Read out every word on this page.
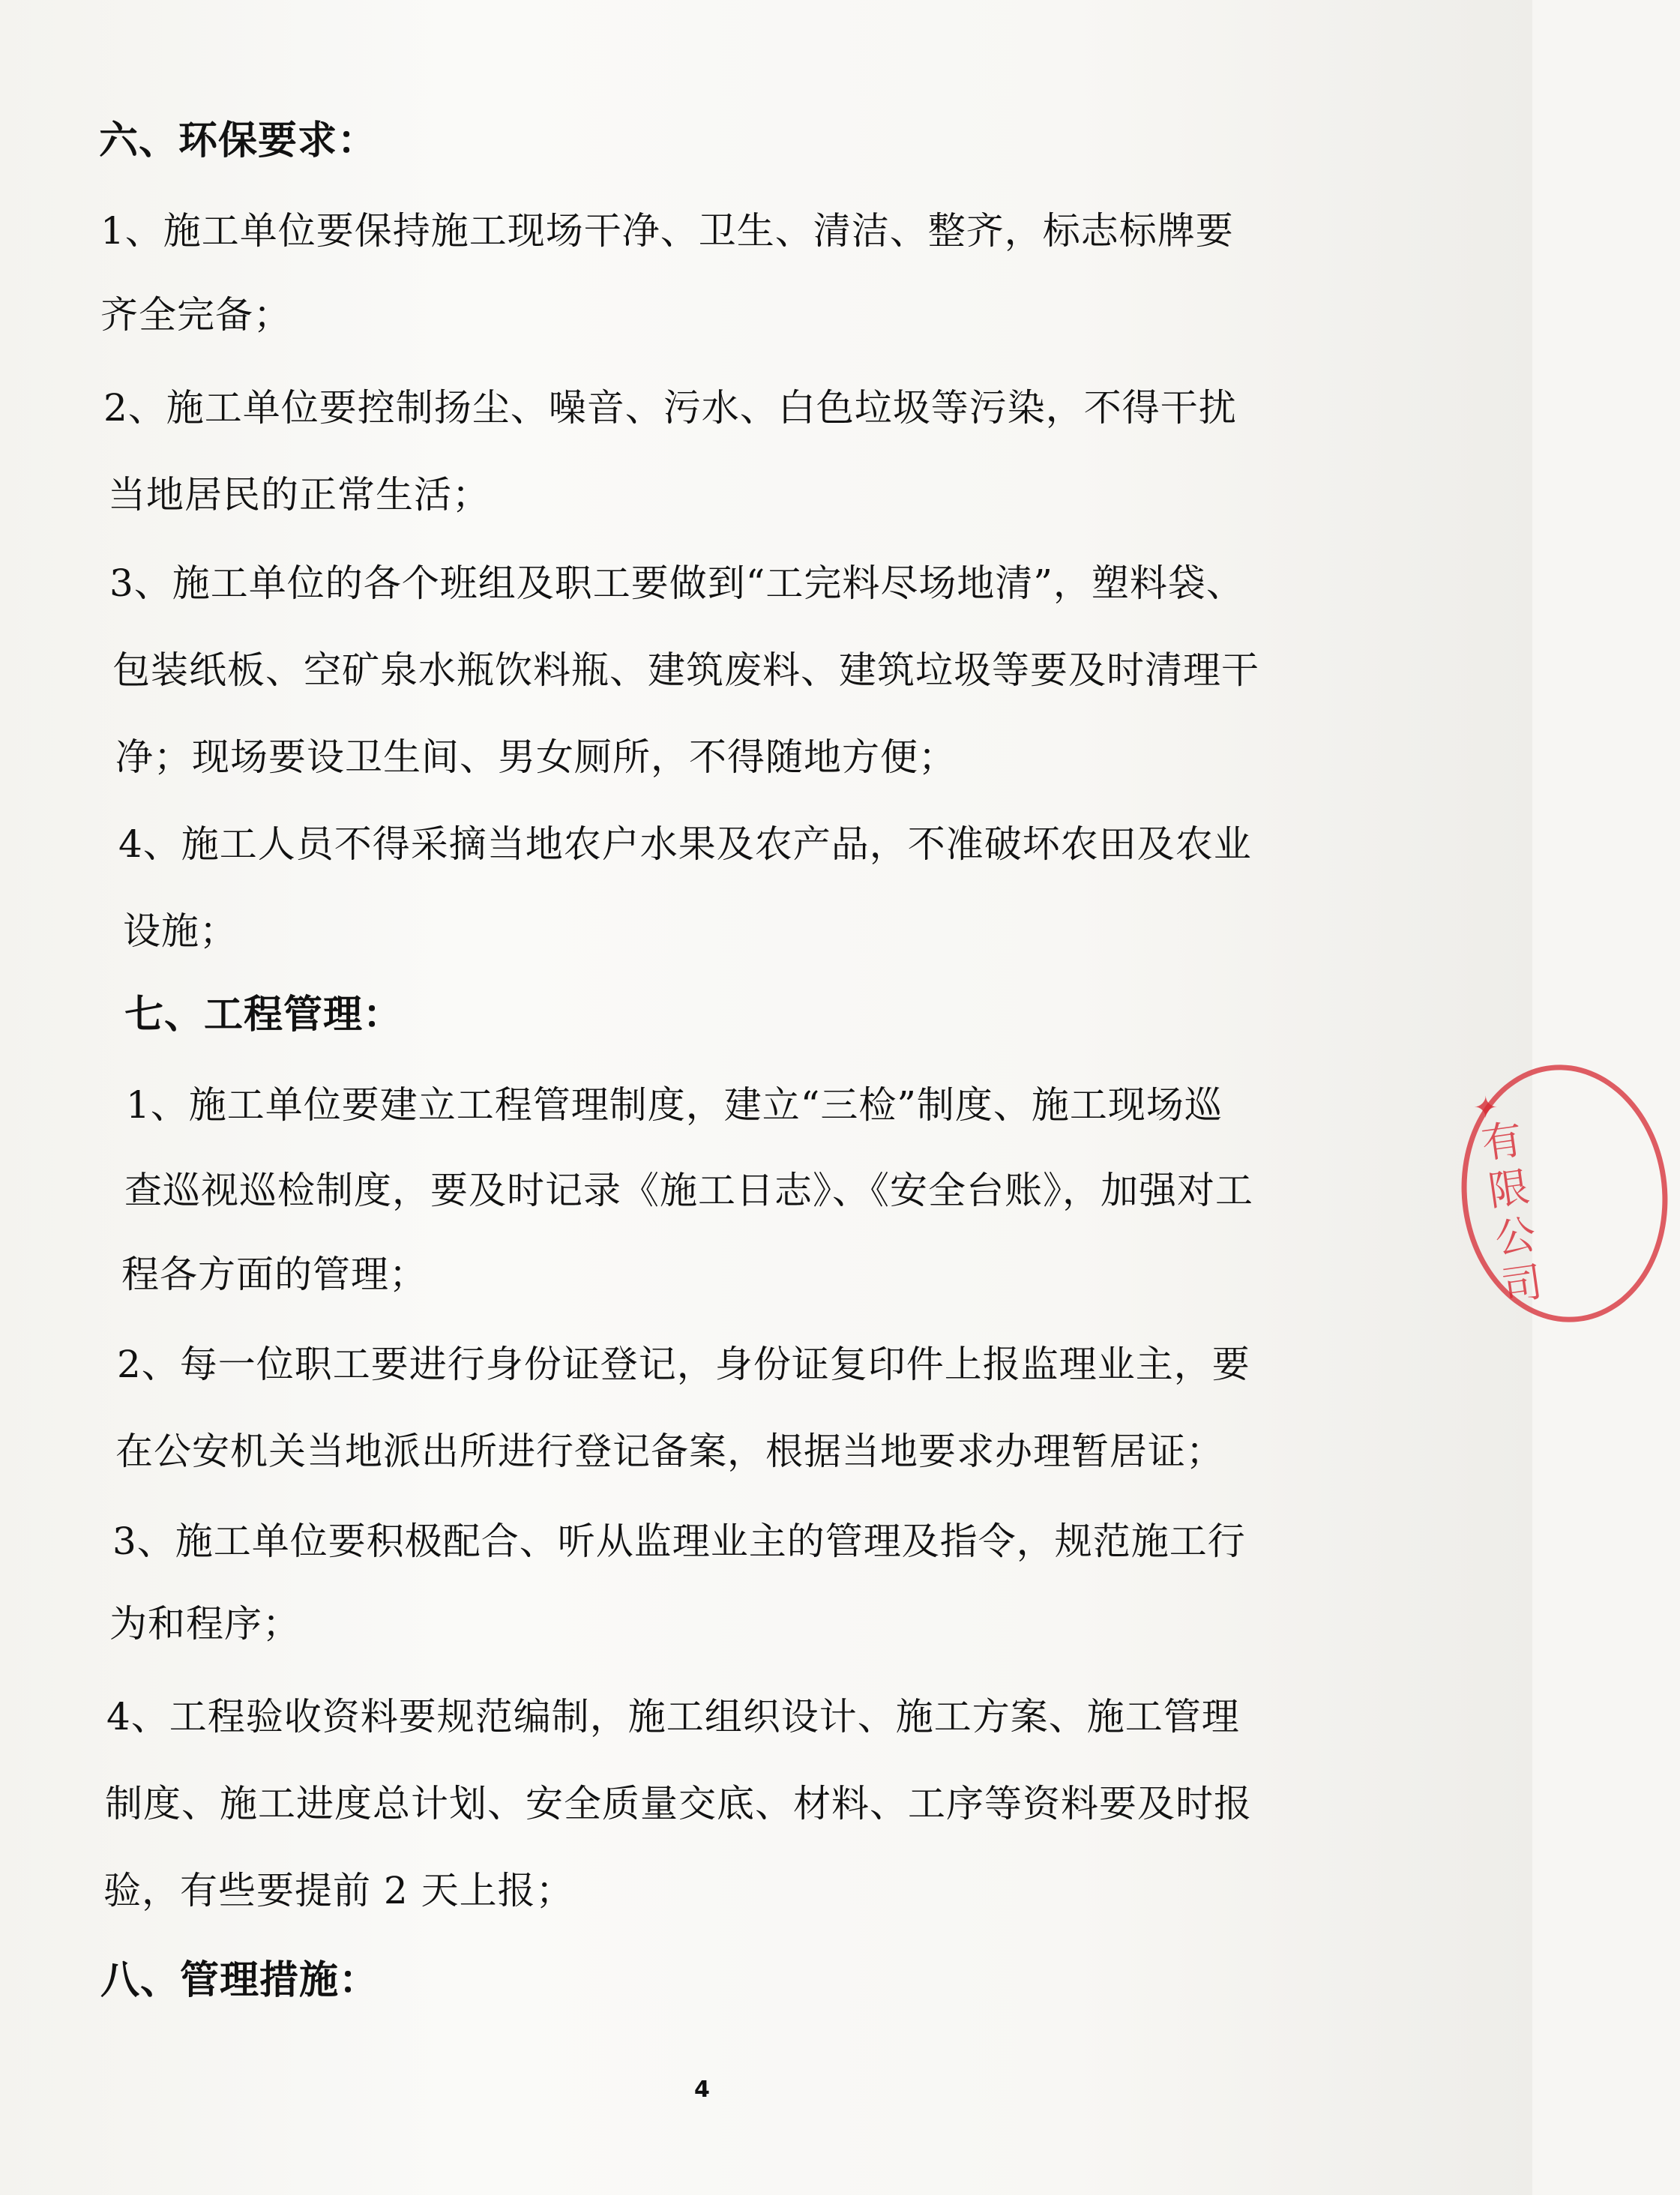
六、环保要求：
1、施工单位要保持施工现场干净、卫生、清洁、整齐，标志标牌要
齐全完备；
2、施工单位要控制扬尘、噪音、污水、白色垃圾等污染，不得干扰
当地居民的正常生活；
3、施工单位的各个班组及职工要做到“工完料尽场地清”，塑料袋、
包装纸板、空矿泉水瓶饮料瓶、建筑废料、建筑垃圾等要及时清理干
净；现场要设卫生间、男女厕所，不得随地方便；
4、施工人员不得采摘当地农户水果及农产品，不准破坏农田及农业
设施；
七、工程管理：
1、施工单位要建立工程管理制度，建立“三检”制度、施工现场巡
查巡视巡检制度，要及时记录《施工日志》、《安全台账》，加强对工
程各方面的管理；
2、每一位职工要进行身份证登记，身份证复印件上报监理业主，要
在公安机关当地派出所进行登记备案，根据当地要求办理暂居证；
3、施工单位要积极配合、听从监理业主的管理及指令，规范施工行
为和程序；
4、工程验收资料要规范编制，施工组织设计、施工方案、施工管理
制度、施工进度总计划、安全质量交底、材料、工序等资料要及时报
验，有些要提前 2 天上报；
八、管理措施：
4
✦
有限公司
